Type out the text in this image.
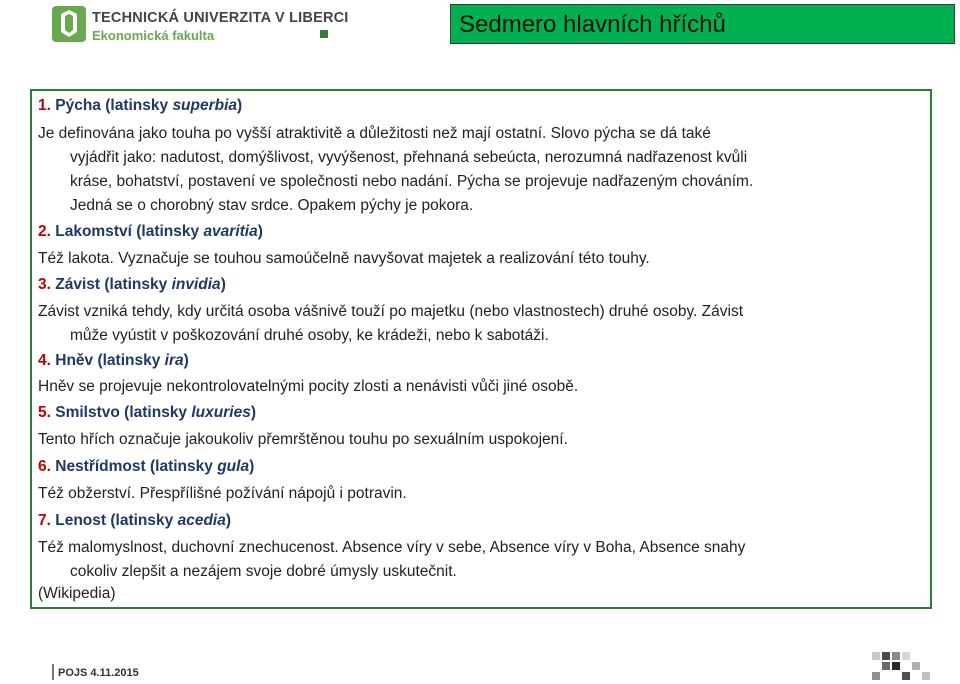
TECHNICKÁ UNIVERZITA V LIBERCI
Ekonomická fakulta	Sedmero hlavních hříchů
1. Pýcha (latinsky superbia)
Je definována jako touha po vyšší atraktivitě a důležitosti než mají ostatní. Slovo pýcha se dá také
vyjádřit jako: nadutost, domýšlivost, vyvýšenost, přehnaná sebeúcta, nerozumná nadřazenost kvůli
kráse, bohatství, postavení ve společnosti nebo nadání. Pýcha se projevuje nadřazeným chováním.
Jedná se o chorobný stav srdce. Opakem pýchy je pokora.
2. Lakomství (latinsky avaritia)
Též lakota. Vyznačuje se touhou samoúčelně navyšovat majetek a realizování této touhy.
3. Závist (latinsky invidia)
Závist vzniká tehdy, kdy určitá osoba vášnivě touží po majetku (nebo vlastnostech) druhé osoby. Závist
může vyústit v poškozování druhé osoby, ke krádeži, nebo k sabotáži.
4. Hněv (latinsky ira)
Hněv se projevuje nekontrolovatelnými pocity zlosti a nenávisti vůči jiné osobě.
5. Smilstvo (latinsky luxuries)
Tento hřích označuje jakoukoliv přemrštěnou touhu po sexuálním uspokojení.
6. Nestřídmost (latinsky gula)
Též obžerství. Přespřílišné požívání nápojů i potravin.
7. Lenost (latinsky acedia)
Též malomyslnost, duchovní znechucenost. Absence víry v sebe, Absence víry v Boha, Absence snahy
cokoliv zlepšit a nezájem svoje dobré úmysly uskutečnit.
(Wikipedia)
POJS 4.11.2015
